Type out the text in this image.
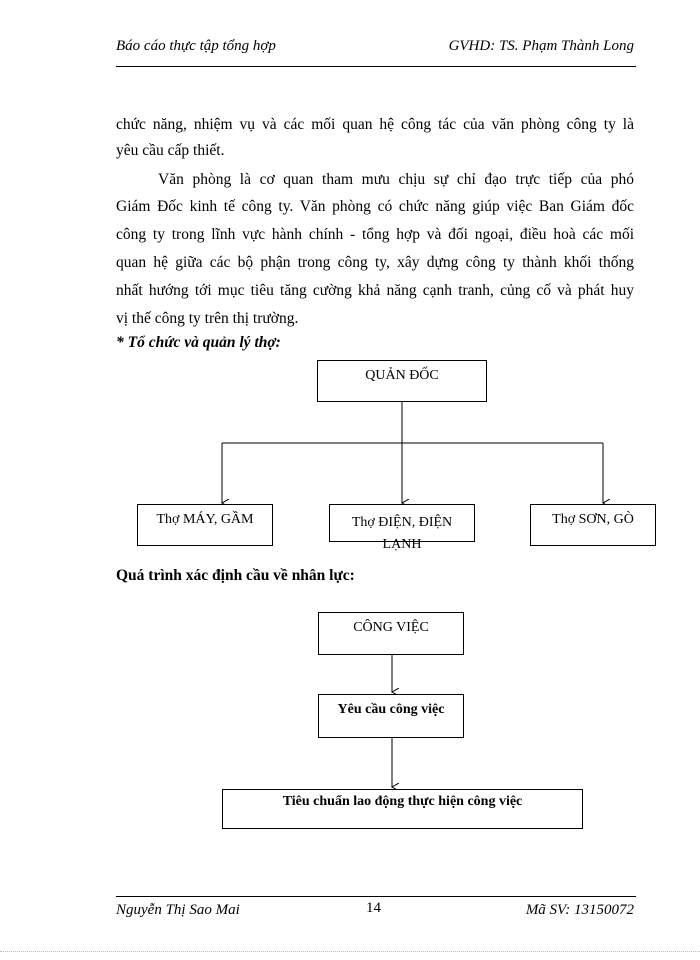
Báo cáo thực tập tổng hợp	GVHD: TS. Phạm Thành Long
chức năng, nhiệm vụ và các mối quan hệ công tác của văn phòng công ty là
yêu cầu cấp thiết.
Văn phòng là cơ quan tham mưu chịu sự chỉ đạo trực tiếp của phó
Giám Đốc kinh tế công ty. Văn phòng có chức năng giúp việc Ban Giám đốc
công ty trong lĩnh vực hành chính - tổng hợp và đối ngoại, điều hoà các mối
quan hệ giữa các bộ phận trong công ty, xây dựng công ty thành khối thống
nhất hướng tới mục tiêu tăng cường khả năng cạnh tranh, củng cố và phát huy
vị thế công ty trên thị trường.
* Tổ chức và quản lý thợ:
QUẢN ĐỐC
Thợ MÁY, GẦM	Thợ ĐIỆN, ĐIỆN LẠNH
Thợ SƠN, GÒ
Quá trình xác định cầu về nhân lực:
CÔNG VIỆC
Yêu cầu công việc
Tiêu chuẩn lao động thực hiện công việc
Nguyễn Thị Sao Mai	14	Mã SV: 13150072
